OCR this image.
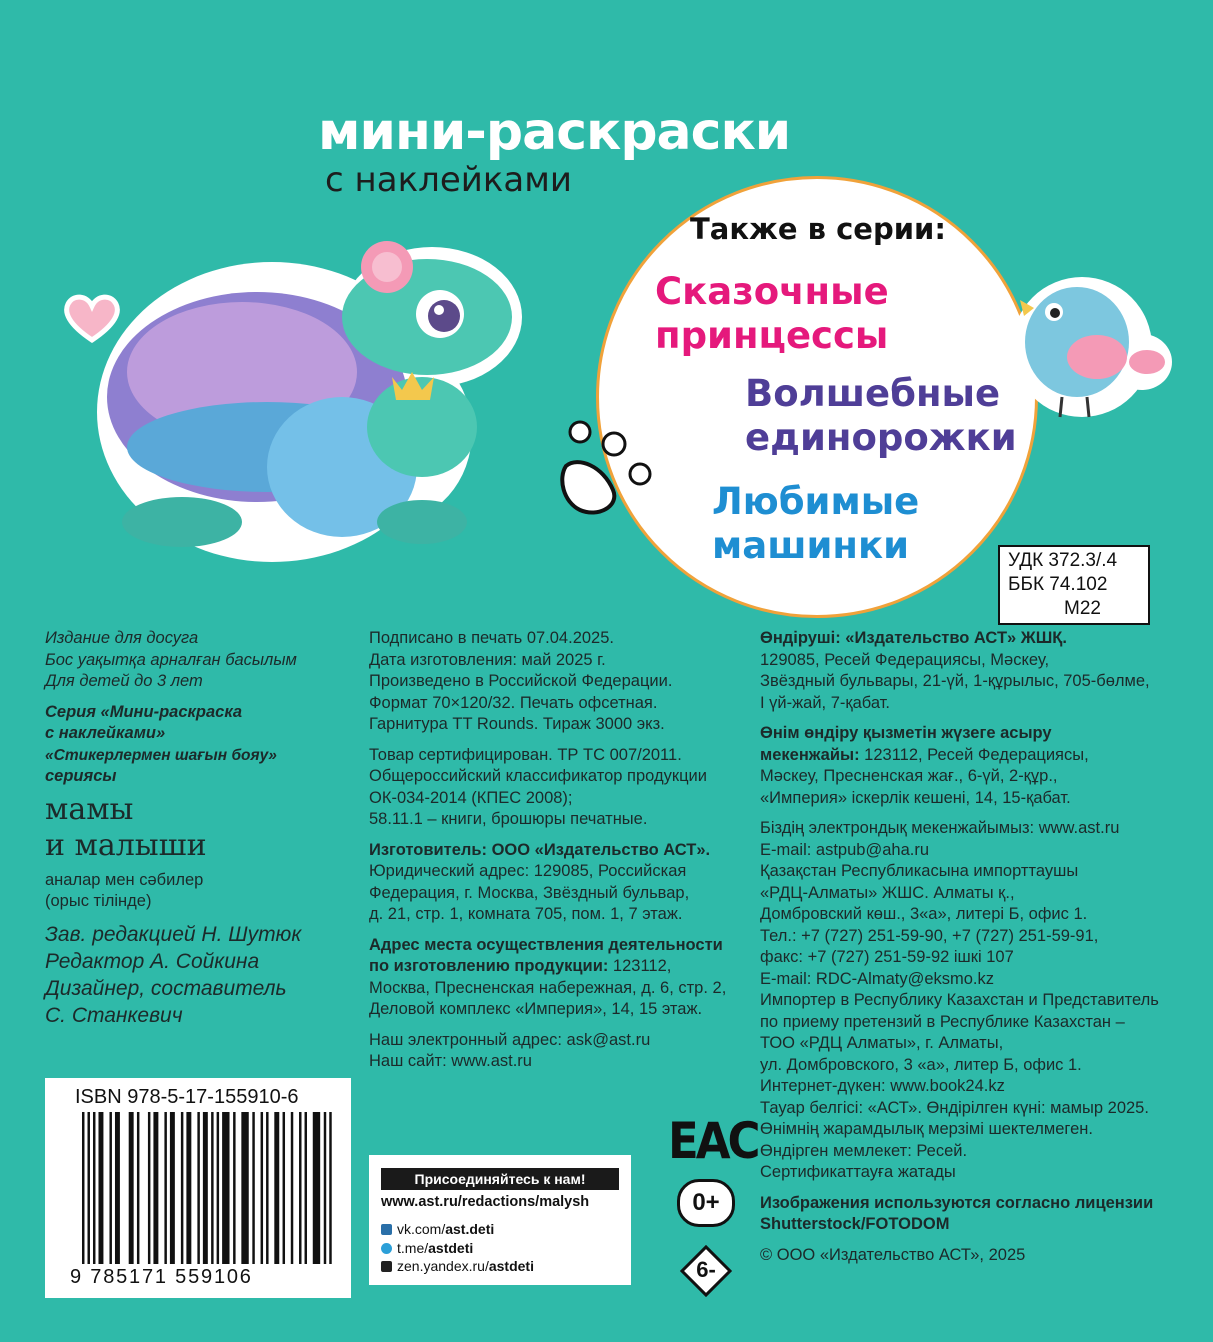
мини-раскраски
с наклейками
Также в серии:
Сказочные
принцессы
Волшебные
единорожки
Любимые
машинки	УДК 372.3/.4
ББК 74.102
М22
Издание для досуга
Бос уақытқа арналған басылым
Для детей до 3 лет
Серия «Мини-раскраска
с наклейками»
«Стикерлермен шағын бояу»
сериясы
мамы
и малыши
аналар мен сәбилер
(орыс тілінде)
Зав. редакцией Н. Шутюк
Редактор А. Сойкина
Дизайнер, составитель
С. Станкевич
Подписано в печать 07.04.2025.
Дата изготовления: май 2025 г.
Произведено в Российской Федерации.
Формат 70×120/32. Печать офсетная.
Гарнитура TT Rounds. Тираж 3000 экз.
Товар сертифицирован. ТР ТС 007/2011.
Общероссийский классификатор продукции
ОК-034-2014 (КПЕС 2008);
58.11.1 – книги, брошюры печатные.
Изготовитель: ООО «Издательство АСТ».
Юридический адрес: 129085, Российская
Федерация, г. Москва, Звёздный бульвар,
д. 21, стр. 1, комната 705, пом. 1, 7 этаж.
Адрес места осуществления деятельности
по изготовлению продукции: 123112,
Москва, Пресненская набережная, д. 6, стр. 2,
Деловой комплекс «Империя», 14, 15 этаж.
Наш электронный адрес: ask@ast.ru
Наш сайт: www.ast.ru
Өндіруші: «Издательство АСТ» ЖШҚ.
129085, Ресей Федерациясы, Мәскеу,
Звёздный бульвары, 21-үй, 1-құрылыс, 705-бөлме,
I үй-жай, 7-қабат.
Өнім өндіру қызметін жүзеге асыру
мекенжайы: 123112, Ресей Федерациясы,
Мәскеу, Пресненская жағ., 6-үй, 2-құр.,
«Империя» іскерлік кешені, 14, 15-қабат.
Біздің электрондық мекенжайымыз: www.ast.ru
E-mail: astpub@aha.ru
Қазақстан Республикасына импорттаушы
«РДЦ-Алматы» ЖШС. Алматы қ.,
Домбровский көш., 3«а», литері Б, офис 1.
Тел.: +7 (727) 251-59-90, +7 (727) 251-59-91,
факс: +7 (727) 251-59-92 ішкі 107
E-mail: RDC-Almaty@eksmo.kz
Импортер в Республику Казахстан и Представитель
по приему претензий в Республике Казахстан –
ТОО «РДЦ Алматы», г. Алматы,
ул. Домбровского, 3 «а», литер Б, офис 1.
Интернет-дүкен: www.book24.kz
Тауар белгісі: «АСТ». Өндірілген күні: мамыр 2025.
Өнімнің жарамдылық мерзімі шектелмеген.
Өндірген мемлекет: Ресей.
Сертификаттауға жатады
Изображения используются согласно лицензии
Shutterstock/FOTODOM
© ООО «Издательство АСТ», 2025
ISBN 978-5-17-155910-6
9 785171 559106
Присоединяйтесь к нам!
www.ast.ru/redactions/malysh
vk.com/ast.deti
t.me/astdeti
zen.yandex.ru/astdeti
EAC
0+
6-
